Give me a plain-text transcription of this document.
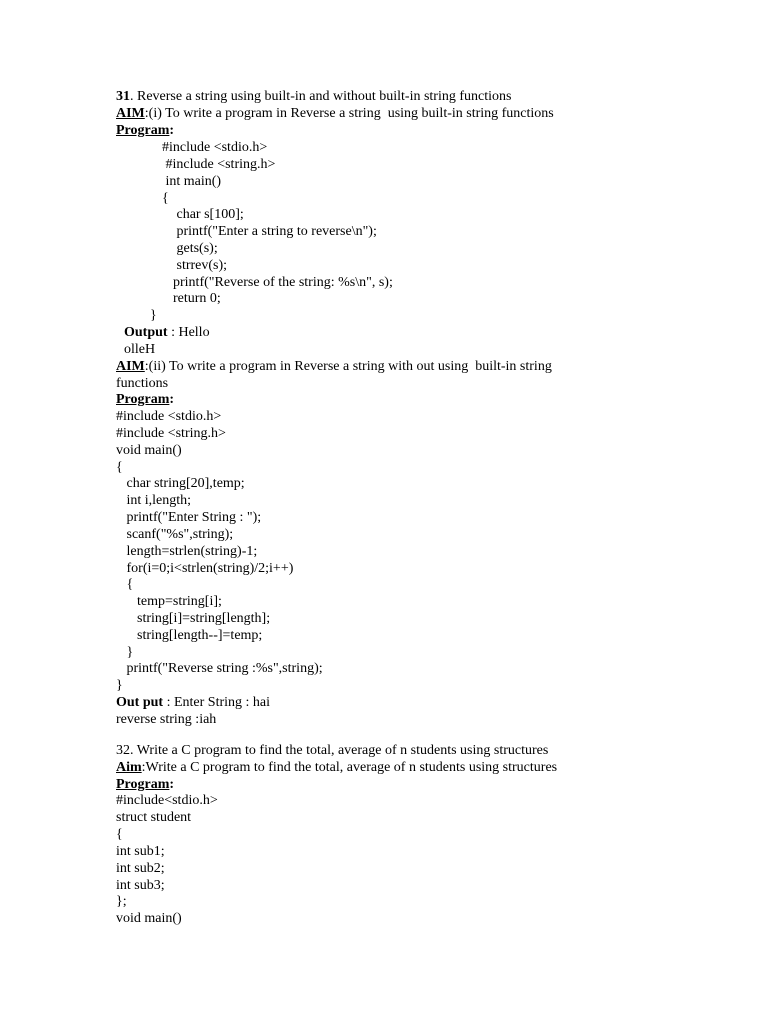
31. Reverse a string using built-in and without built-in string functions
AIM:(i) To write a program in Reverse a string  using built-in string functions
Program:
#include <stdio.h>
#include <string.h>
int main()
{
char s[100];
printf("Enter a string to reverse\n");
gets(s);
strrev(s);
printf("Reverse of the string: %s\n", s);
return 0;
}
Output : Hello
olleH
AIM:(ii) To write a program in Reverse a string with out using  built-in string
functions
Program:
#include <stdio.h>
#include <string.h>
void main()
{
char string[20],temp;
int i,length;
printf("Enter String : ");
scanf("%s",string);
length=strlen(string)-1;
for(i=0;i<strlen(string)/2;i++)
{
temp=string[i];
string[i]=string[length];
string[length--]=temp;
}
printf("Reverse string :%s",string);
}
Out put : Enter String : hai
reverse string :iah
32. Write a C program to find the total, average of n students using structures
Aim:Write a C program to find the total, average of n students using structures
Program:
#include<stdio.h>
struct student
{
int sub1;
int sub2;
int sub3;
};
void main()
